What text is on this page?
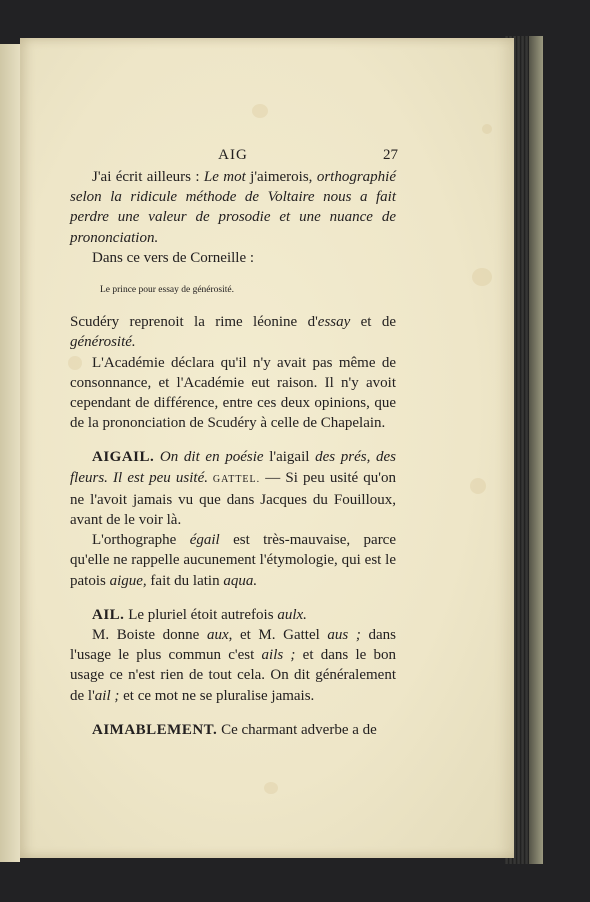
AIG	27

J'ai écrit ailleurs : Le mot j'aimerois, orthographié selon la ridicule méthode de Voltaire nous a fait perdre une valeur de prosodie et une nuance de prononciation.

Dans ce vers de Corneille :

Le prince pour essay de générosité.

Scudéry reprenoit la rime léonine d'essay et de générosité.

L'Académie déclara qu'il n'y avait pas même de consonnance, et l'Académie eut raison. Il n'y avoit cependant de différence, entre ces deux opinions, que de la prononciation de Scudéry à celle de Chapelain.

AIGAIL. On dit en poésie l'aigail des prés, des fleurs. Il est peu usité. GATTEL. — Si peu usité qu'on ne l'avoit jamais vu que dans Jacques du Fouilloux, avant de le voir là.

L'orthographe égail est très-mauvaise, parce qu'elle ne rappelle aucunement l'étymologie, qui est le patois aigue, fait du latin aqua.

AIL. Le pluriel étoit autrefois aulx.

M. Boiste donne aux, et M. Gattel aus ; dans l'usage le plus commun c'est ails ; et dans le bon usage ce n'est rien de tout cela. On dit généralement de l'ail ; et ce mot ne se pluralise jamais.

AIMABLEMENT. Ce charmant adverbe a de
